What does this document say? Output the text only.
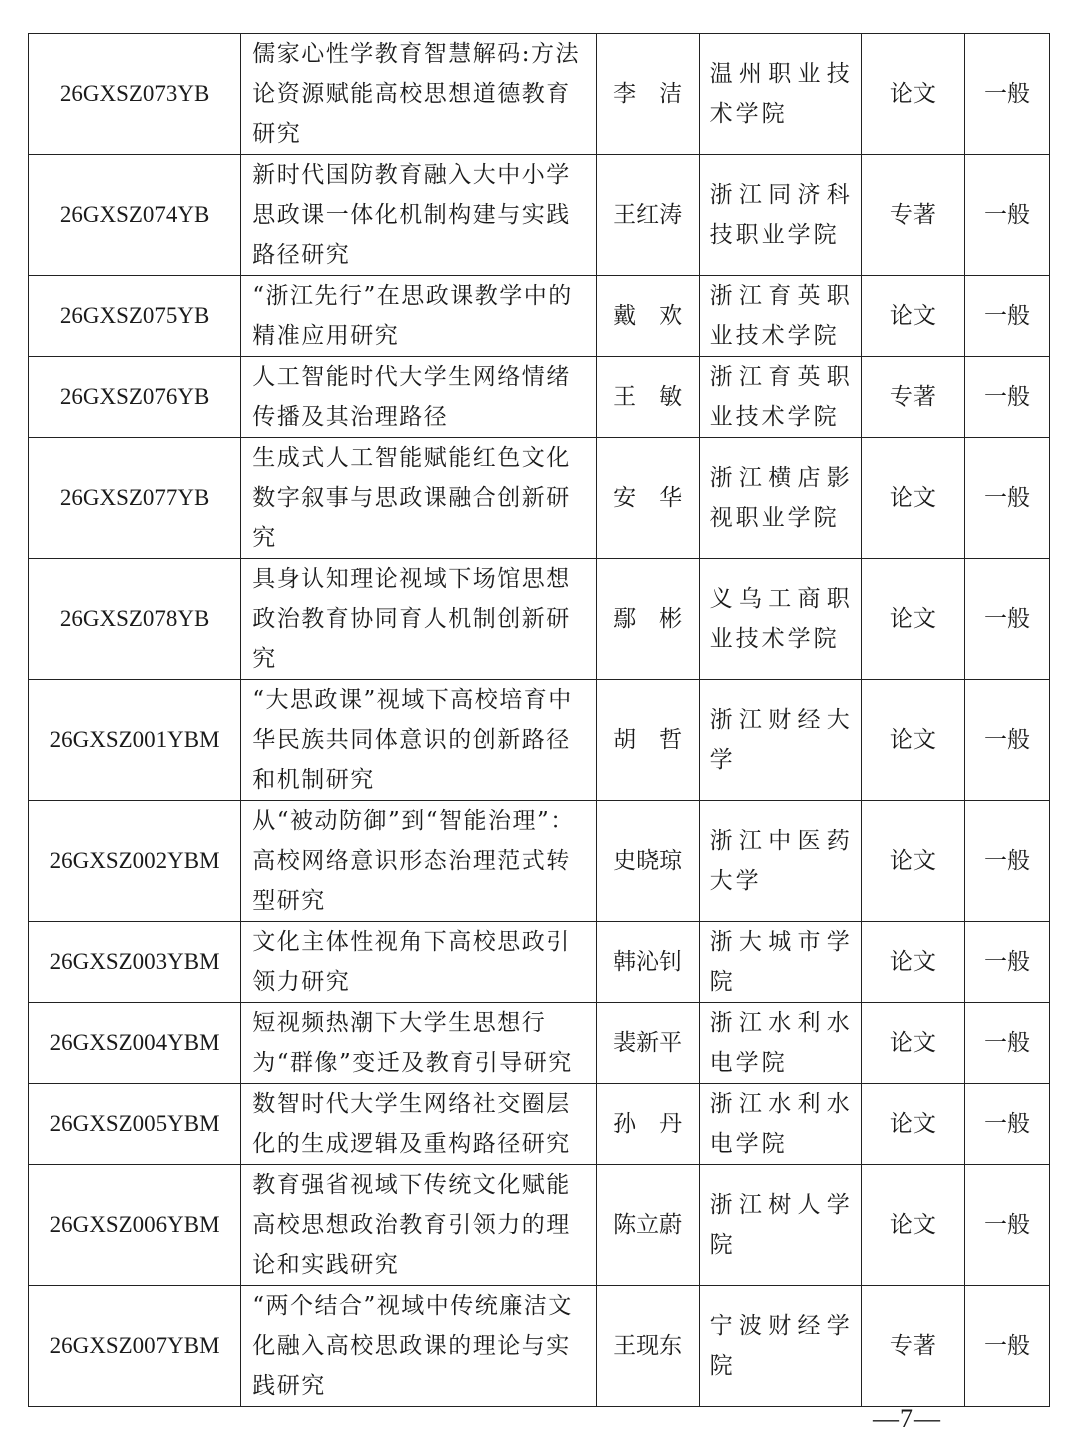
26GXSZ073YB	儒家心性学教育智慧解码:方法论资源赋能高校思想道德教育研究	李　洁	温州职业技术学院	论文	一般
26GXSZ074YB	新时代国防教育融入大中小学思政课一体化机制构建与实践路径研究	王红涛	浙江同济科技职业学院	专著	一般
26GXSZ075YB	“浙江先行”在思政课教学中的精准应用研究	戴　欢	浙江育英职业技术学院	论文	一般
26GXSZ076YB	人工智能时代大学生网络情绪传播及其治理路径	王　敏	浙江育英职业技术学院	专著	一般
26GXSZ077YB	生成式人工智能赋能红色文化数字叙事与思政课融合创新研究	安　华	浙江横店影视职业学院	论文	一般
26GXSZ078YB	具身认知理论视域下场馆思想政治教育协同育人机制创新研究	鄢　彬	义乌工商职业技术学院	论文	一般
26GXSZ001YBM	“大思政课”视域下高校培育中华民族共同体意识的创新路径和机制研究	胡　哲	浙江财经大学	论文	一般
26GXSZ002YBM	从“被动防御”到“智能治理”：高校网络意识形态治理范式转型研究	史晓琼	浙江中医药大学	论文	一般
26GXSZ003YBM	文化主体性视角下高校思政引领力研究	韩沁钊	浙大城市学院	论文	一般
26GXSZ004YBM	短视频热潮下大学生思想行为“群像”变迁及教育引导研究	裴新平	浙江水利水电学院	论文	一般
26GXSZ005YBM	数智时代大学生网络社交圈层化的生成逻辑及重构路径研究	孙　丹	浙江水利水电学院	论文	一般
26GXSZ006YBM	教育强省视域下传统文化赋能高校思想政治教育引领力的理论和实践研究	陈立蔚	浙江树人学院	论文	一般
26GXSZ007YBM	“两个结合”视域中传统廉洁文化融入高校思政课的理论与实践研究	王现东	宁波财经学院	专著	一般
—7—
